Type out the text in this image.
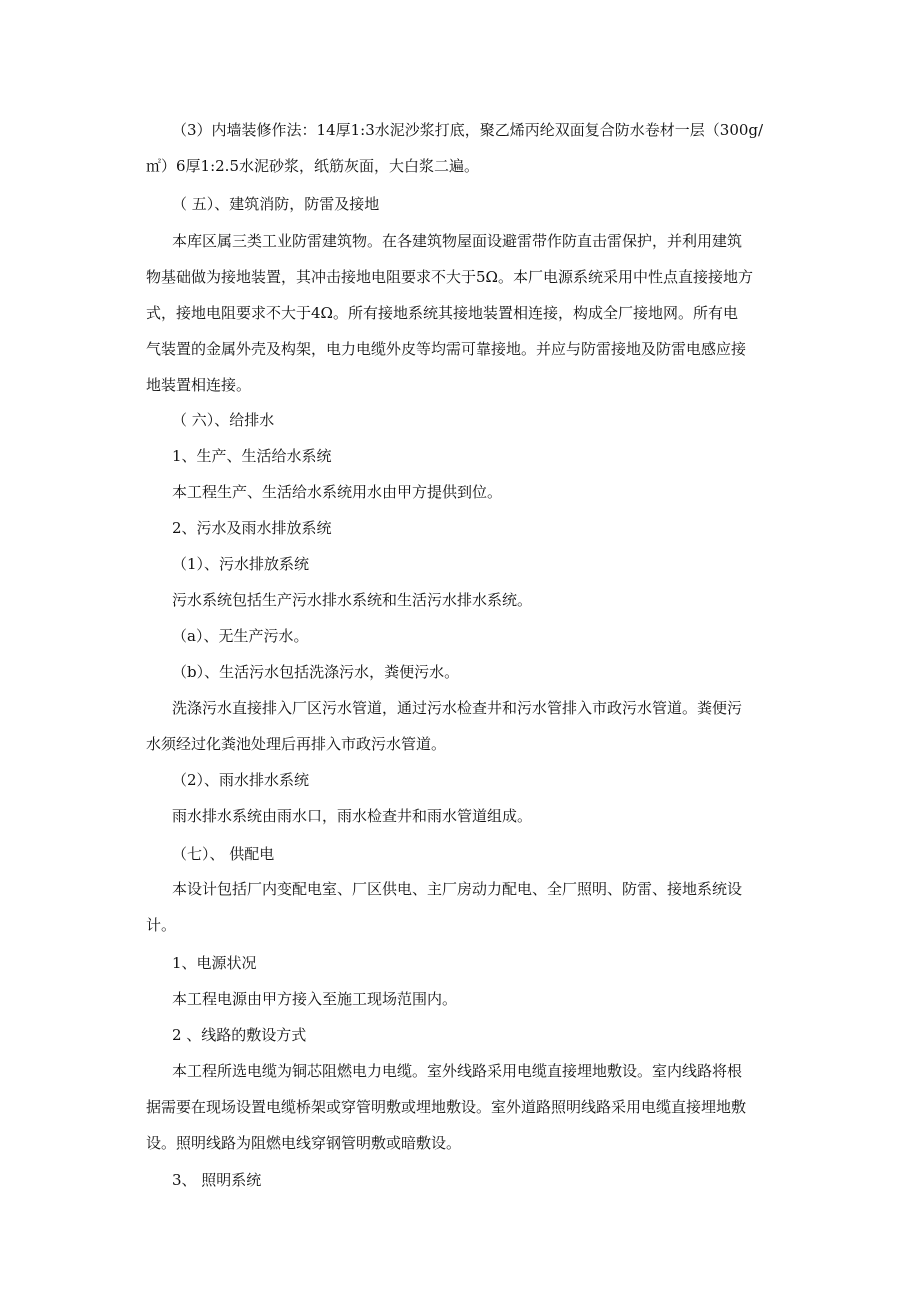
（3）内墙装修作法：14厚1:3水泥沙浆打底，聚乙烯丙纶双面复合防水卷材一层（300g/
㎡）6厚1:2.5水泥砂浆，纸筋灰面，大白浆二遍。
（ 五）、建筑消防，防雷及接地
本库区属三类工业防雷建筑物。在各建筑物屋面设避雷带作防直击雷保护，并利用建筑
物基础做为接地装置，其冲击接地电阻要求不大于5Ω。本厂电源系统采用中性点直接接地方
式，接地电阻要求不大于4Ω。所有接地系统其接地装置相连接，构成全厂接地网。所有电
气装置的金属外壳及构架，电力电缆外皮等均需可靠接地。并应与防雷接地及防雷电感应接
地装置相连接。
（ 六）、给排水
1、生产、生活给水系统
本工程生产、生活给水系统用水由甲方提供到位。
2、污水及雨水排放系统
（1）、污水排放系统
污水系统包括生产污水排水系统和生活污水排水系统。
（a）、无生产污水。
（b）、生活污水包括洗涤污水，粪便污水。
洗涤污水直接排入厂区污水管道，通过污水检查井和污水管排入市政污水管道。粪便污
水须经过化粪池处理后再排入市政污水管道。
（2）、雨水排水系统
雨水排水系统由雨水口，雨水检查井和雨水管道组成。
（七）、 供配电
本设计包括厂内变配电室、厂区供电、主厂房动力配电、全厂照明、防雷、接地系统设
计。
1、电源状况
本工程电源由甲方接入至施工现场范围内。
2 、线路的敷设方式
本工程所选电缆为铜芯阻燃电力电缆。室外线路采用电缆直接埋地敷设。室内线路将根
据需要在现场设置电缆桥架或穿管明敷或埋地敷设。室外道路照明线路采用电缆直接埋地敷
设。照明线路为阻燃电线穿钢管明敷或暗敷设。
3、 照明系统
